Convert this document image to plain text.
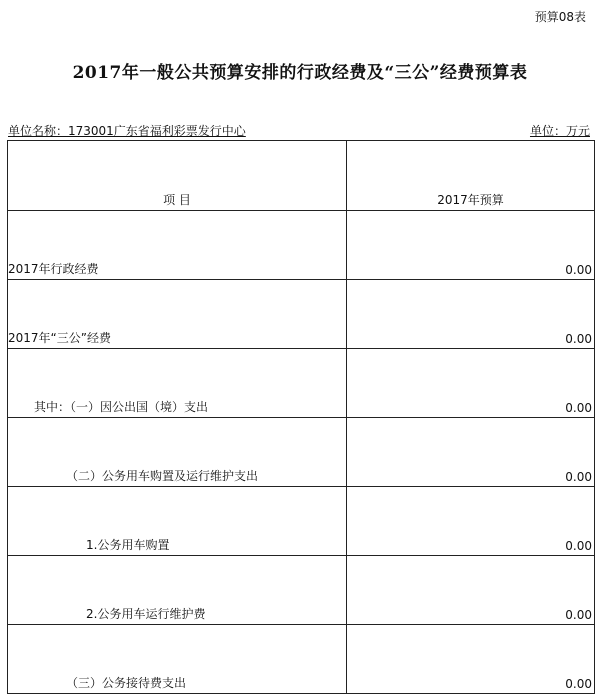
预算08表
2017年一般公共预算安排的行政经费及“三公”经费预算表
单位名称：173001广东省福利彩票发行中心	单位：万元
项 目	2017年预算
2017年行政经费	0.00
2017年“三公”经费	0.00
其中：（一）因公出国（境）支出	0.00
（二）公务用车购置及运行维护支出	0.00
1.公务用车购置	0.00
2.公务用车运行维护费	0.00
（三）公务接待费支出	0.00
